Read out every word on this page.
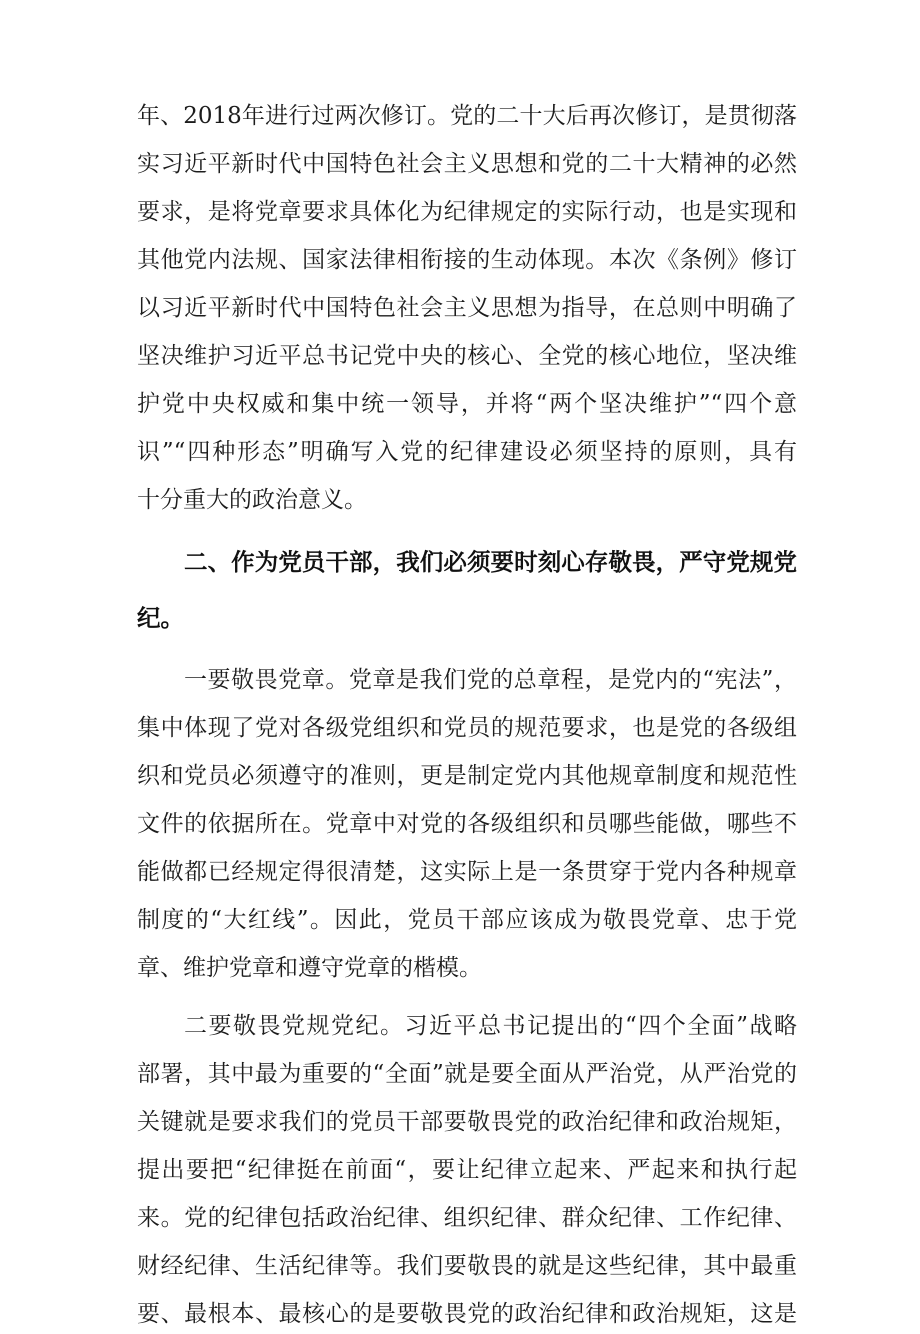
年、2018年进行过两次修订。党的二十大后再次修订，是贯彻落
实习近平新时代中国特色社会主义思想和党的二十大精神的必然
要求，是将党章要求具体化为纪律规定的实际行动，也是实现和
其他党内法规、国家法律相衔接的生动体现。本次《条例》修订
以习近平新时代中国特色社会主义思想为指导，在总则中明确了
坚决维护习近平总书记党中央的核心、全党的核心地位，坚决维
护党中央权威和集中统一领导，并将“两个坚决维护”“四个意
识”“四种形态”明确写入党的纪律建设必须坚持的原则，具有
十分重大的政治意义。
二、作为党员干部，我们必须要时刻心存敬畏，严守党规党
纪。
一要敬畏党章。党章是我们党的总章程，是党内的“宪法”，
集中体现了党对各级党组织和党员的规范要求，也是党的各级组
织和党员必须遵守的准则，更是制定党内其他规章制度和规范性
文件的依据所在。党章中对党的各级组织和员哪些能做，哪些不
能做都已经规定得很清楚，这实际上是一条贯穿于党内各种规章
制度的“大红线”。因此，党员干部应该成为敬畏党章、忠于党
章、维护党章和遵守党章的楷模。
二要敬畏党规党纪。习近平总书记提出的“四个全面”战略
部署，其中最为重要的“全面”就是要全面从严治党，从严治党的
关键就是要求我们的党员干部要敬畏党的政治纪律和政治规矩，
提出要把“纪律挺在前面“，要让纪律立起来、严起来和执行起
来。党的纪律包括政治纪律、组织纪律、群众纪律、工作纪律、
财经纪律、生活纪律等。我们要敬畏的就是这些纪律，其中最重
要、最根本、最核心的是要敬畏党的政治纪律和政治规矩，这是
